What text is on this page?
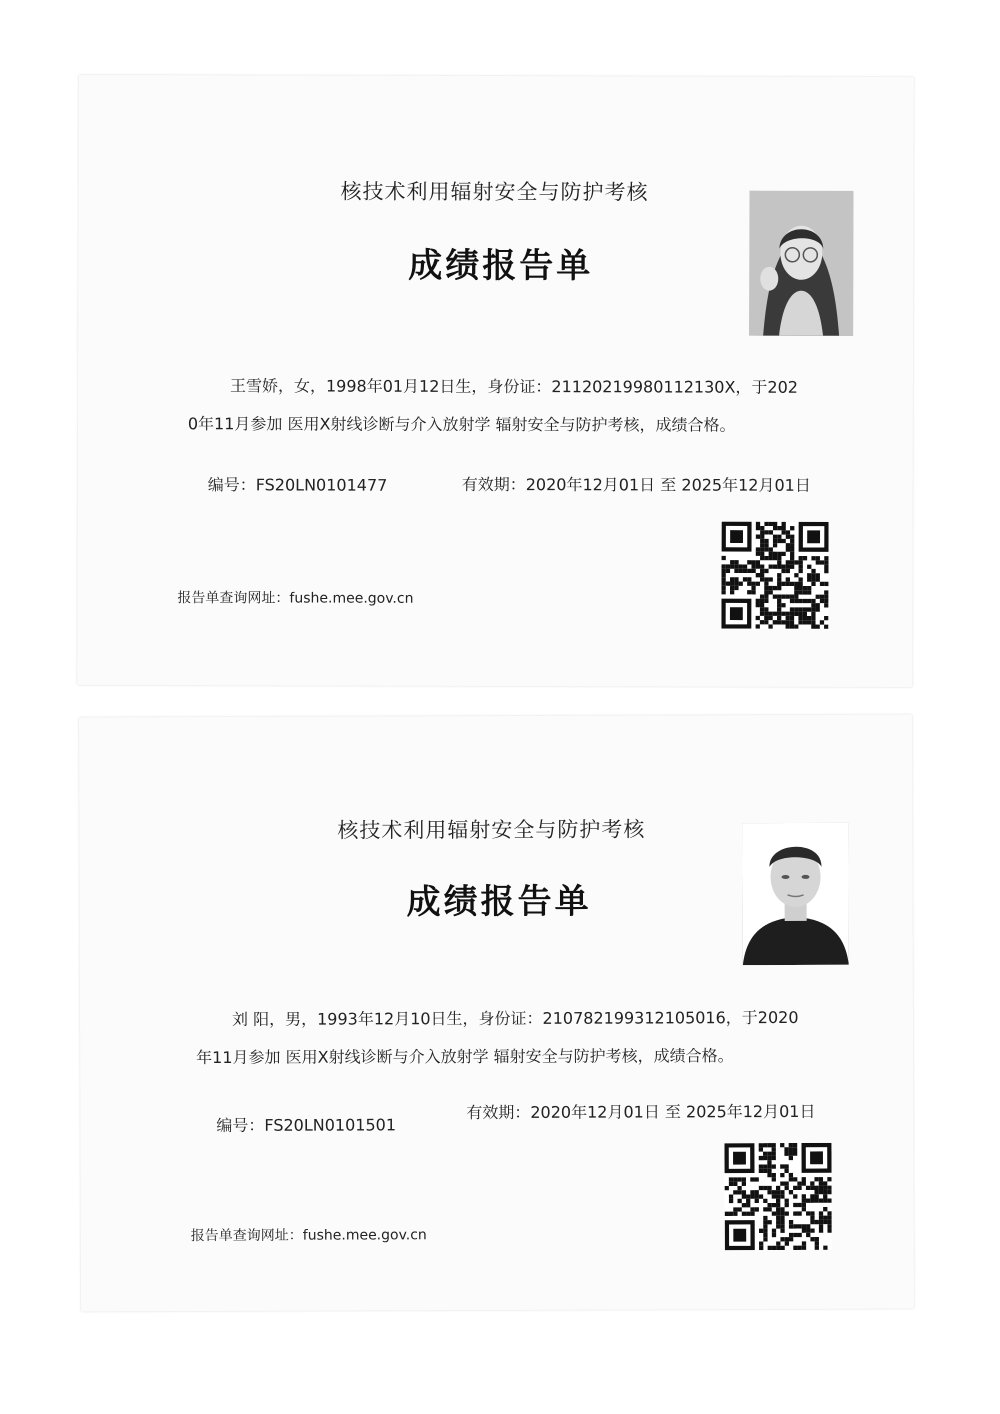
核技术利用辐射安全与防护考核
成绩报告单
王雪娇，女，1998年01月12日生，身份证：21120219980112130X，于202
0年11月参加 医用X射线诊断与介入放射学 辐射安全与防护考核，成绩合格。
编号：FS20LN0101477	有效期：2020年12月01日 至 2025年12月01日
报告单查询网址：fushe.mee.gov.cn
核技术利用辐射安全与防护考核
成绩报告单
刘 阳，男，1993年12月10日生，身份证：210782199312105016，于2020
年11月参加 医用X射线诊断与介入放射学 辐射安全与防护考核，成绩合格。
编号：FS20LN0101501
有效期：2020年12月01日 至 2025年12月01日
报告单查询网址：fushe.mee.gov.cn
